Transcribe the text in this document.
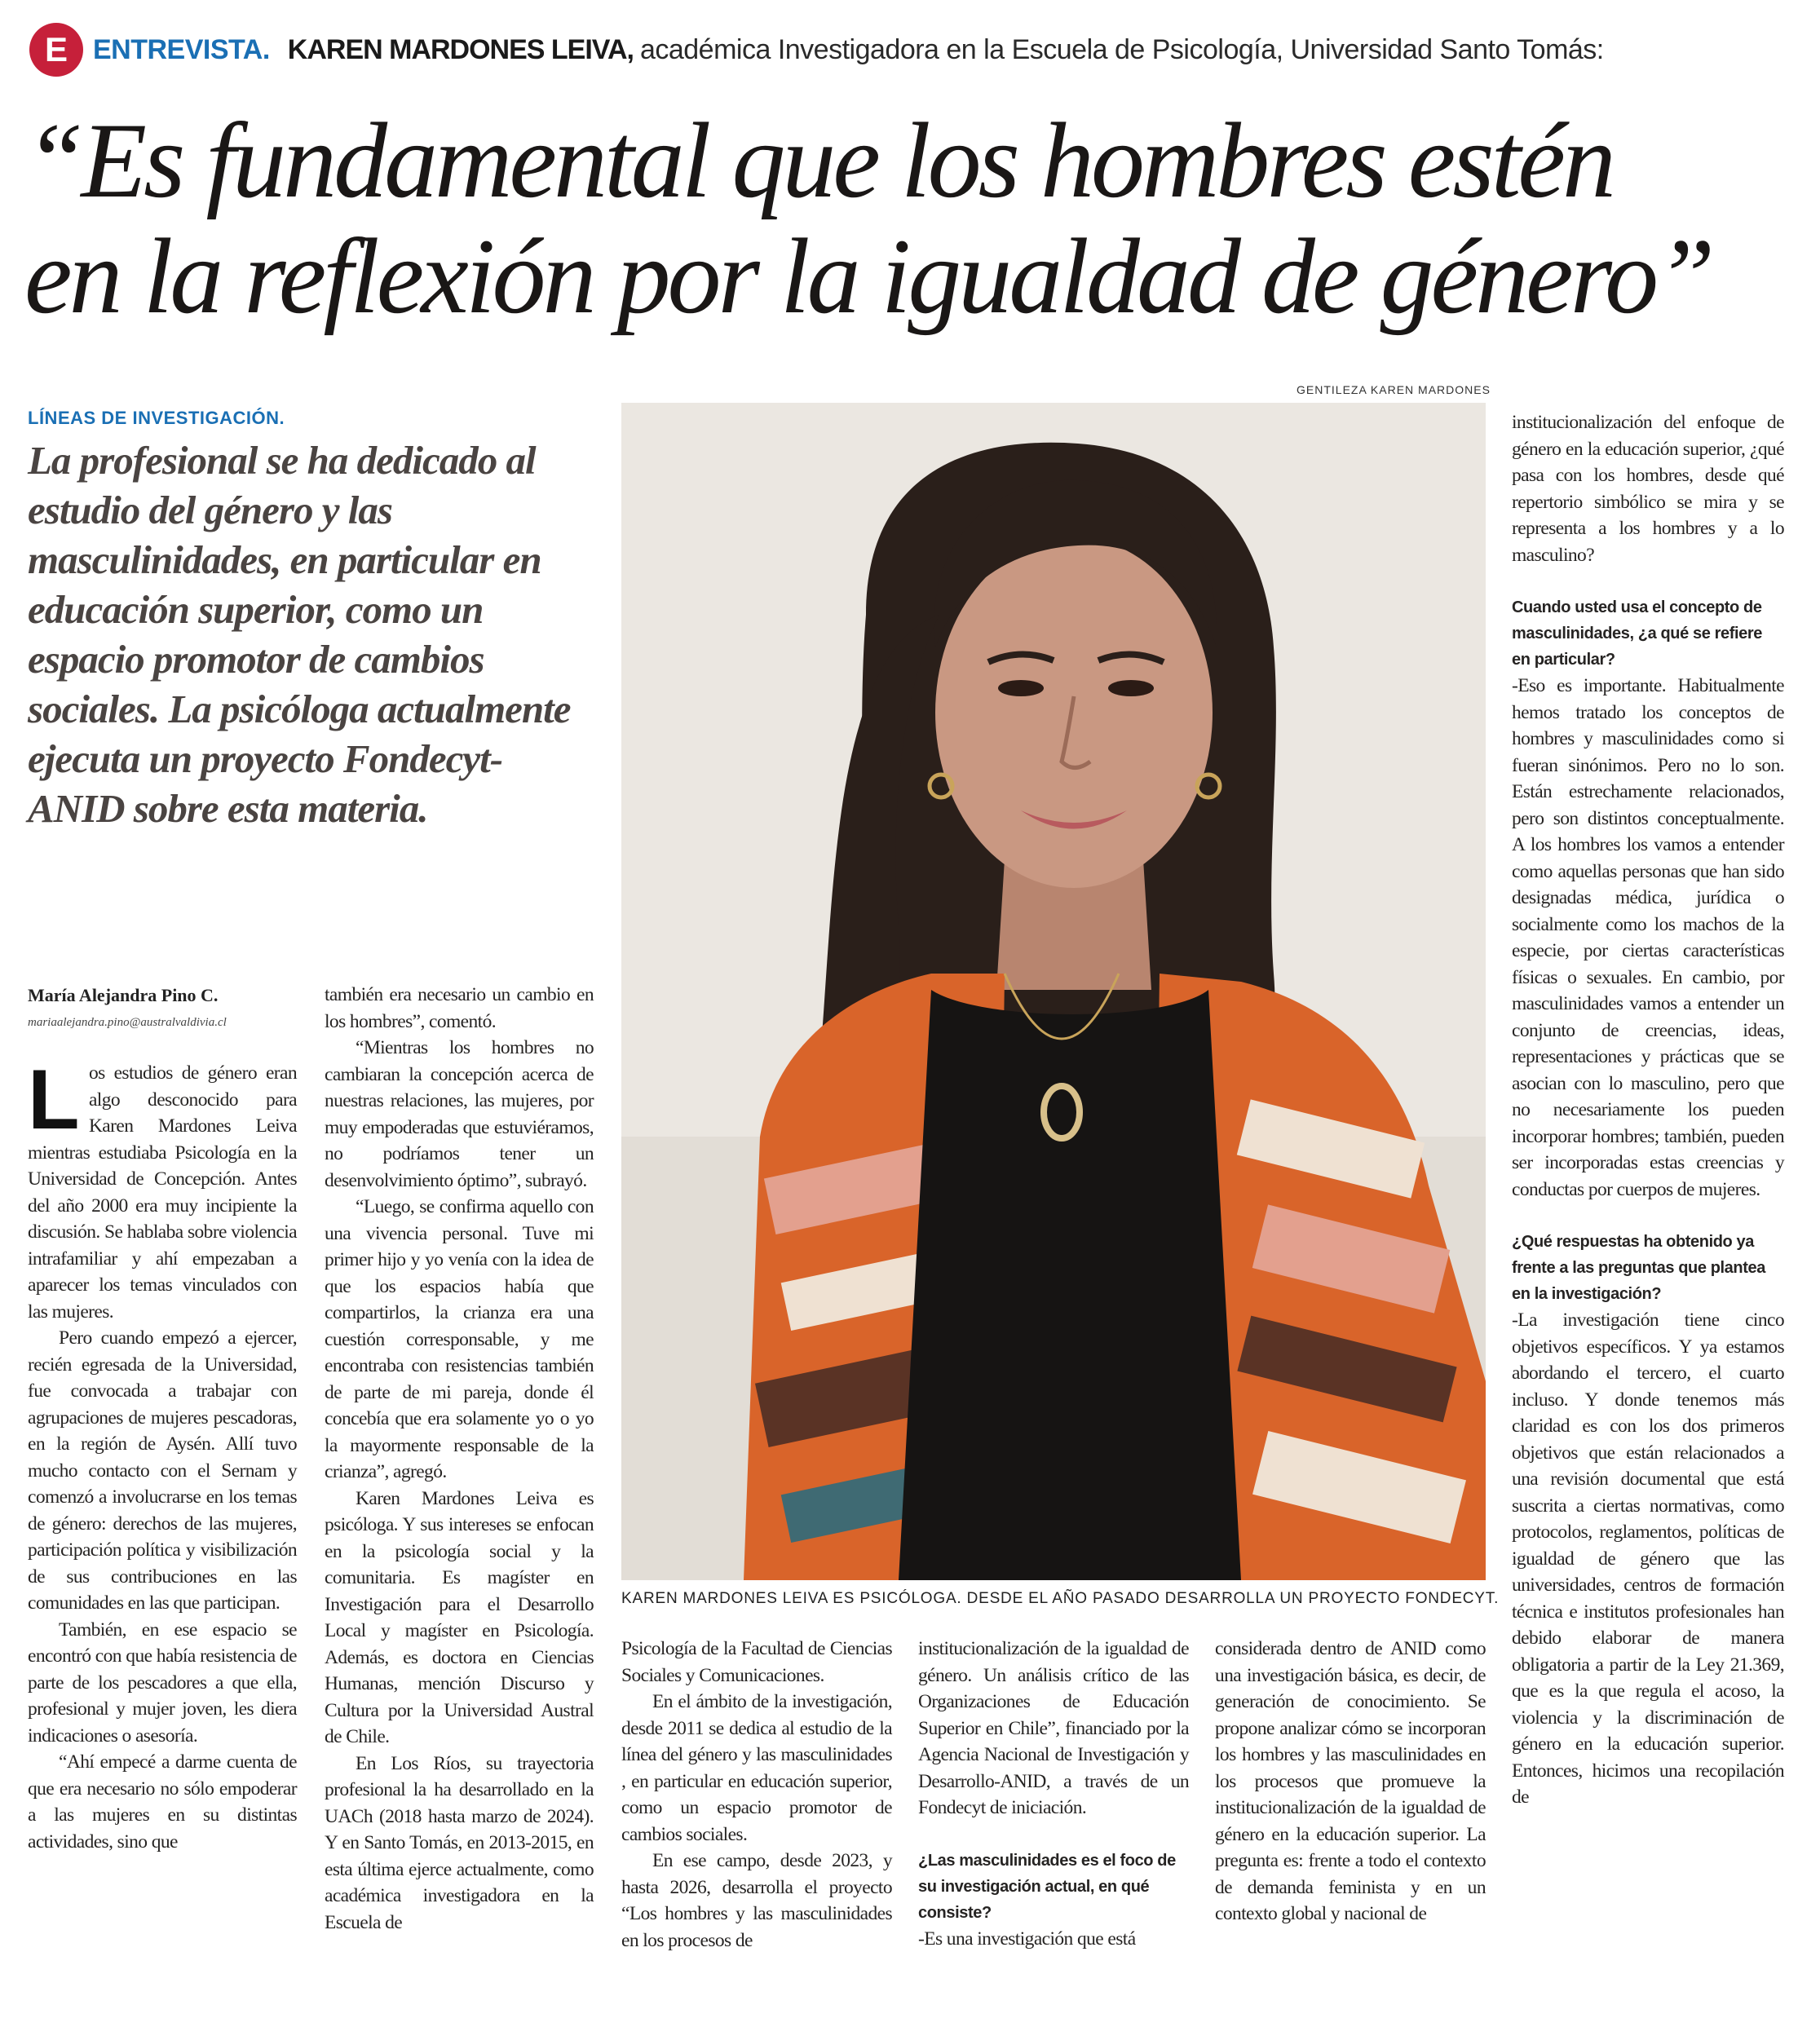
E ENTREVISTA. KAREN MARDONES LEIVA, académica Investigadora en la Escuela de Psicología, Universidad Santo Tomás:
“Es fundamental que los hombres estén
en la reflexión por la igualdad de género”
LÍNEAS DE INVESTIGACIÓN.

La profesional se ha dedicado al estudio del género y las masculinidades, en particular en educación superior, como un espacio promotor de cambios sociales. La psicóloga actualmente ejecuta un proyecto Fondecyt-ANID sobre esta materia.

María Alejandra Pino C.
mariaalejandra.pino@australvaldivia.cl

Los estudios de género eran algo desconocido para Karen Mardones Leiva mientras estudiaba Psicología en la Universidad de Concepción. Antes del año 2000 era muy incipiente la discusión. Se hablaba sobre violencia intrafamiliar y ahí empezaban a aparecer los temas vinculados con las mujeres.

Pero cuando empezó a ejercer, recién egresada de la Universidad, fue convocada a trabajar con agrupaciones de mujeres pescadoras, en la región de Aysén. Allí tuvo mucho contacto con el Sernam y comenzó a involucrarse en los temas de género: derechos de las mujeres, participación política y visibilización de sus contribuciones en las comunidades en las que participan.

También, en ese espacio se encontró con que había resistencia de parte de los pescadores a que ella, profesional y mujer joven, les diera indicaciones o asesoría.

“Ahí empecé a darme cuenta de que era necesario no sólo empoderar a las mujeres en su distintas actividades, sino que

también era necesario un cambio en los hombres”, comentó.

“Mientras los hombres no cambiaran la concepción acerca de nuestras relaciones, las mujeres, por muy empoderadas que estuviéramos, no podríamos tener un desenvolvimiento óptimo”, subrayó.

“Luego, se confirma aquello con una vivencia personal. Tuve mi primer hijo y yo venía con la idea de que los espacios había que compartirlos, la crianza era una cuestión corresponsable, y me encontraba con resistencias también de parte de mi pareja, donde él concebía que era solamente yo o yo la mayormente responsable de la crianza”, agregó.

Karen Mardones Leiva es psicóloga. Y sus intereses se enfocan en la psicología social y la comunitaria. Es magíster en Investigación para el Desarrollo Local y magíster en Psicología. Además, es doctora en Ciencias Humanas, mención Discurso y Cultura por la Universidad Austral de Chile.

En Los Ríos, su trayectoria profesional la ha desarrollado en la UACh (2018 hasta marzo de 2024). Y en Santo Tomás, en 2013-2015, en esta última ejerce actualmente, como académica investigadora en la Escuela de

GENTILEZA KAREN MARDONES
KAREN MARDONES LEIVA ES PSICÓLOGA. DESDE EL AÑO PASADO DESARROLLA UN PROYECTO FONDECYT.

Psicología de la Facultad de Ciencias Sociales y Comunicaciones.

En el ámbito de la investigación, desde 2011 se dedica al estudio de la línea del género y las masculinidades , en particular en educación superior, como un espacio promotor de cambios sociales.

En ese campo, desde 2023, y hasta 2026, desarrolla el proyecto “Los hombres y las masculinidades en los procesos de

institucionalización de la igualdad de género. Un análisis crítico de las Organizaciones de Educación Superior en Chile”, financiado por la Agencia Nacional de Investigación y Desarrollo-ANID, a través de un Fondecyt de iniciación.

¿Las masculinidades es el foco de su investigación actual, en qué consiste?

-Es una investigación que está

considerada dentro de ANID como una investigación básica, es decir, de generación de conocimiento. Se propone analizar cómo se incorporan los hombres y las masculinidades en los procesos que promueve la institucionalización de la igualdad de género en la educación superior. La pregunta es: frente a todo el contexto de demanda feminista y en un contexto global y nacional de

institucionalización del enfoque de género en la educación superior, ¿qué pasa con los hombres, desde qué repertorio simbólico se mira y se representa a los hombres y a lo masculino?

Cuando usted usa el concepto de masculinidades, ¿a qué se refiere en particular?

-Eso es importante. Habitualmente hemos tratado los conceptos de hombres y masculinidades como si fueran sinónimos. Pero no lo son. Están estrechamente relacionados, pero son distintos conceptualmente. A los hombres los vamos a entender como aquellas personas que han sido designadas médica, jurídica o socialmente como los machos de la especie, por ciertas características físicas o sexuales. En cambio, por masculinidades vamos a entender un conjunto de creencias, ideas, representaciones y prácticas que se asocian con lo masculino, pero que no necesariamente los pueden incorporar hombres; también, pueden ser incorporadas estas creencias y conductas por cuerpos de mujeres.

¿Qué respuestas ha obtenido ya frente a las preguntas que plantea en la investigación?

-La investigación tiene cinco objetivos específicos. Y ya estamos abordando el tercero, el cuarto incluso. Y donde tenemos más claridad es con los dos primeros objetivos que están relacionados a una revisión documental que está suscrita a ciertas normativas, como protocolos, reglamentos, políticas de igualdad de género que las universidades, centros de formación técnica e institutos profesionales han debido elaborar de manera obligatoria a partir de la Ley 21.369, que es la que regula el acoso, la violencia y la discriminación de género en la educación superior. Entonces, hicimos una recopilación de
